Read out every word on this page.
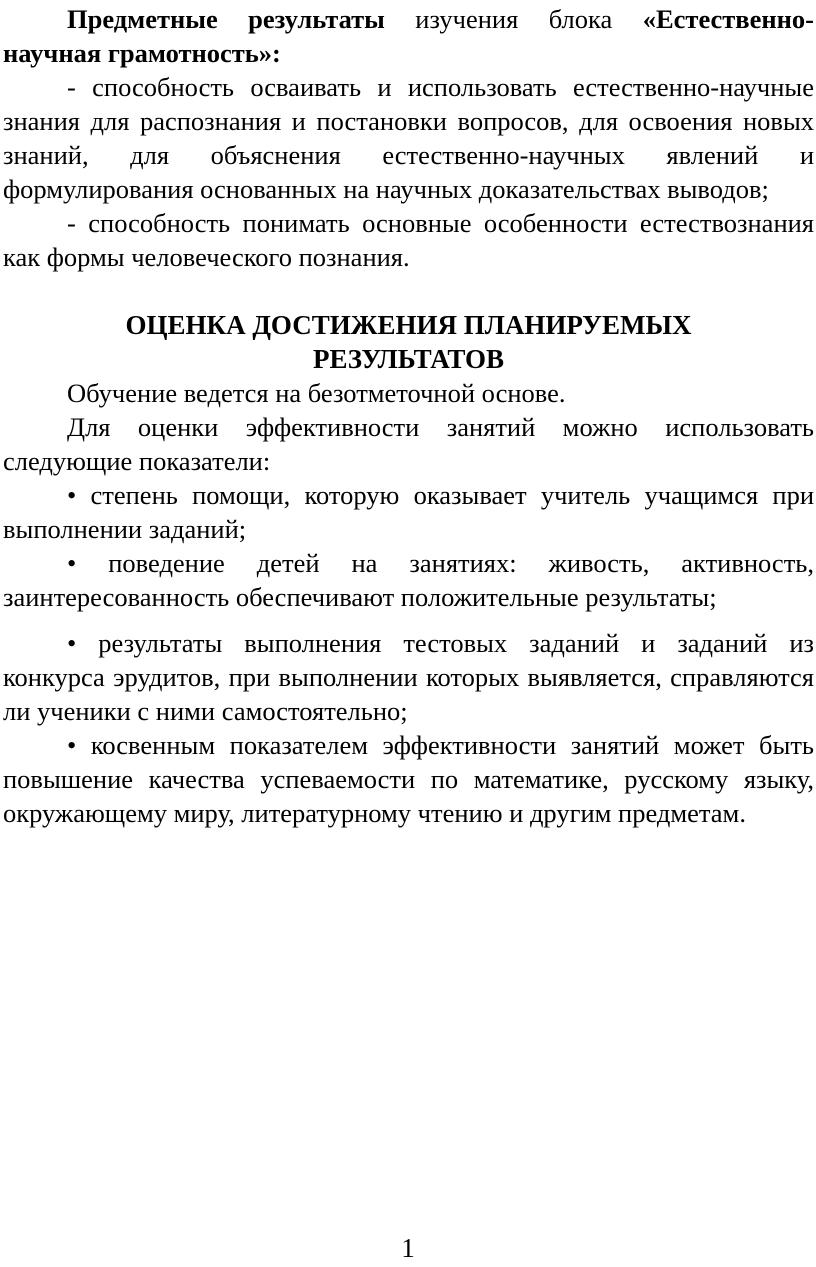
Предметные результаты изучения блока «Естественно-научная грамотность»:

- способность осваивать и использовать естественно-научные знания для распознания и постановки вопросов, для освоения новых знаний, для объяснения естественно-научных явлений и формулирования основанных на научных доказательствах выводов;

- способность понимать основные особенности естествознания как формы человеческого познания.

ОЦЕНКА ДОСТИЖЕНИЯ ПЛАНИРУЕМЫХ
РЕЗУЛЬТАТОВ

Обучение ведется на безотметочной основе.

Для оценки эффективности занятий можно использовать следующие показатели:

• степень помощи, которую оказывает учитель учащимся при выполнении заданий;

• поведение детей на занятиях: живость, активность, заинтересованность обеспечивают положительные результаты;

• результаты выполнения тестовых заданий и заданий из конкурса эрудитов, при выполнении которых выявляется, справляются ли ученики с ними самостоятельно;

• косвенным показателем эффективности занятий может быть повышение качества успеваемости по математике, русскому языку, окружающему миру, литературному чтению и другим предметам.

1
